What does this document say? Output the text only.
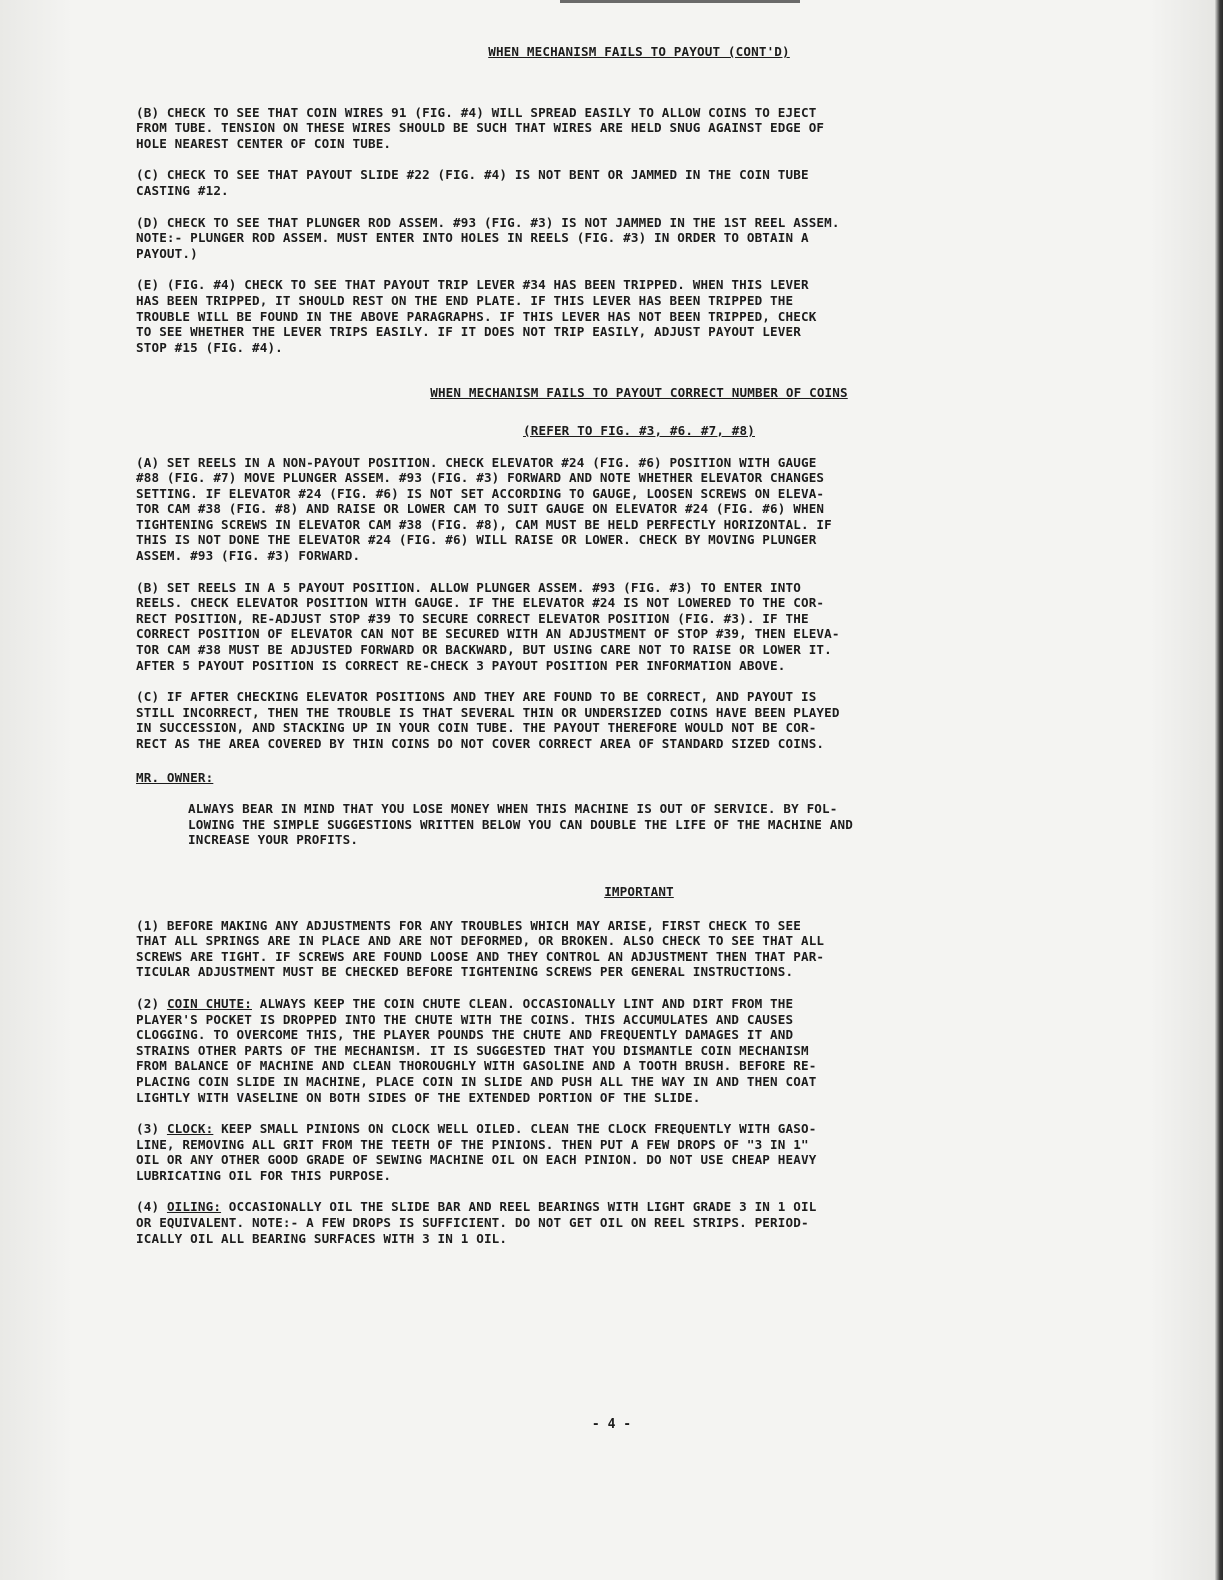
WHEN MECHANISM FAILS TO PAYOUT (CONT'D)

(B) CHECK TO SEE THAT COIN WIRES 91 (FIG. #4) WILL SPREAD EASILY TO ALLOW COINS TO EJECT
FROM TUBE. TENSION ON THESE WIRES SHOULD BE SUCH THAT WIRES ARE HELD SNUG AGAINST EDGE OF
HOLE NEAREST CENTER OF COIN TUBE.

(C) CHECK TO SEE THAT PAYOUT SLIDE #22 (FIG. #4) IS NOT BENT OR JAMMED IN THE COIN TUBE
CASTING #12.

(D) CHECK TO SEE THAT PLUNGER ROD ASSEM. #93 (FIG. #3) IS NOT JAMMED IN THE 1ST REEL ASSEM.
NOTE:- PLUNGER ROD ASSEM. MUST ENTER INTO HOLES IN REELS (FIG. #3) IN ORDER TO OBTAIN A
PAYOUT.)

(E) (FIG. #4) CHECK TO SEE THAT PAYOUT TRIP LEVER #34 HAS BEEN TRIPPED. WHEN THIS LEVER
HAS BEEN TRIPPED, IT SHOULD REST ON THE END PLATE. IF THIS LEVER HAS BEEN TRIPPED THE
TROUBLE WILL BE FOUND IN THE ABOVE PARAGRAPHS. IF THIS LEVER HAS NOT BEEN TRIPPED, CHECK
TO SEE WHETHER THE LEVER TRIPS EASILY. IF IT DOES NOT TRIP EASILY, ADJUST PAYOUT LEVER
STOP #15 (FIG. #4).

WHEN MECHANISM FAILS TO PAYOUT CORRECT NUMBER OF COINS

(REFER TO FIG. #3, #6. #7, #8)

(A) SET REELS IN A NON-PAYOUT POSITION. CHECK ELEVATOR #24 (FIG. #6) POSITION WITH GAUGE
#88 (FIG. #7) MOVE PLUNGER ASSEM. #93 (FIG. #3) FORWARD AND NOTE WHETHER ELEVATOR CHANGES
SETTING. IF ELEVATOR #24 (FIG. #6) IS NOT SET ACCORDING TO GAUGE, LOOSEN SCREWS ON ELEVA-
TOR CAM #38 (FIG. #8) AND RAISE OR LOWER CAM TO SUIT GAUGE ON ELEVATOR #24 (FIG. #6) WHEN
TIGHTENING SCREWS IN ELEVATOR CAM #38 (FIG. #8), CAM MUST BE HELD PERFECTLY HORIZONTAL. IF
THIS IS NOT DONE THE ELEVATOR #24 (FIG. #6) WILL RAISE OR LOWER. CHECK BY MOVING PLUNGER
ASSEM. #93 (FIG. #3) FORWARD.

(B) SET REELS IN A 5 PAYOUT POSITION. ALLOW PLUNGER ASSEM. #93 (FIG. #3) TO ENTER INTO
REELS. CHECK ELEVATOR POSITION WITH GAUGE. IF THE ELEVATOR #24 IS NOT LOWERED TO THE COR-
RECT POSITION, RE-ADJUST STOP #39 TO SECURE CORRECT ELEVATOR POSITION (FIG. #3). IF THE
CORRECT POSITION OF ELEVATOR CAN NOT BE SECURED WITH AN ADJUSTMENT OF STOP #39, THEN ELEVA-
TOR CAM #38 MUST BE ADJUSTED FORWARD OR BACKWARD, BUT USING CARE NOT TO RAISE OR LOWER IT.
AFTER 5 PAYOUT POSITION IS CORRECT RE-CHECK 3 PAYOUT POSITION PER INFORMATION ABOVE.

(C) IF AFTER CHECKING ELEVATOR POSITIONS AND THEY ARE FOUND TO BE CORRECT, AND PAYOUT IS
STILL INCORRECT, THEN THE TROUBLE IS THAT SEVERAL THIN OR UNDERSIZED COINS HAVE BEEN PLAYED
IN SUCCESSION, AND STACKING UP IN YOUR COIN TUBE. THE PAYOUT THEREFORE WOULD NOT BE COR-
RECT AS THE AREA COVERED BY THIN COINS DO NOT COVER CORRECT AREA OF STANDARD SIZED COINS.

MR. OWNER:

ALWAYS BEAR IN MIND THAT YOU LOSE MONEY WHEN THIS MACHINE IS OUT OF SERVICE. BY FOL-
LOWING THE SIMPLE SUGGESTIONS WRITTEN BELOW YOU CAN DOUBLE THE LIFE OF THE MACHINE AND
INCREASE YOUR PROFITS.

IMPORTANT

(1) BEFORE MAKING ANY ADJUSTMENTS FOR ANY TROUBLES WHICH MAY ARISE, FIRST CHECK TO SEE
THAT ALL SPRINGS ARE IN PLACE AND ARE NOT DEFORMED, OR BROKEN. ALSO CHECK TO SEE THAT ALL
SCREWS ARE TIGHT. IF SCREWS ARE FOUND LOOSE AND THEY CONTROL AN ADJUSTMENT THEN THAT PAR-
TICULAR ADJUSTMENT MUST BE CHECKED BEFORE TIGHTENING SCREWS PER GENERAL INSTRUCTIONS.

(2) COIN CHUTE: ALWAYS KEEP THE COIN CHUTE CLEAN. OCCASIONALLY LINT AND DIRT FROM THE
PLAYER'S POCKET IS DROPPED INTO THE CHUTE WITH THE COINS. THIS ACCUMULATES AND CAUSES
CLOGGING. TO OVERCOME THIS, THE PLAYER POUNDS THE CHUTE AND FREQUENTLY DAMAGES IT AND
STRAINS OTHER PARTS OF THE MECHANISM. IT IS SUGGESTED THAT YOU DISMANTLE COIN MECHANISM
FROM BALANCE OF MACHINE AND CLEAN THOROUGHLY WITH GASOLINE AND A TOOTH BRUSH. BEFORE RE-
PLACING COIN SLIDE IN MACHINE, PLACE COIN IN SLIDE AND PUSH ALL THE WAY IN AND THEN COAT
LIGHTLY WITH VASELINE ON BOTH SIDES OF THE EXTENDED PORTION OF THE SLIDE.

(3) CLOCK: KEEP SMALL PINIONS ON CLOCK WELL OILED. CLEAN THE CLOCK FREQUENTLY WITH GASO-
LINE, REMOVING ALL GRIT FROM THE TEETH OF THE PINIONS. THEN PUT A FEW DROPS OF "3 IN 1"
OIL OR ANY OTHER GOOD GRADE OF SEWING MACHINE OIL ON EACH PINION. DO NOT USE CHEAP HEAVY
LUBRICATING OIL FOR THIS PURPOSE.

(4) OILING: OCCASIONALLY OIL THE SLIDE BAR AND REEL BEARINGS WITH LIGHT GRADE 3 IN 1 OIL
OR EQUIVALENT. NOTE:- A FEW DROPS IS SUFFICIENT. DO NOT GET OIL ON REEL STRIPS. PERIOD-
ICALLY OIL ALL BEARING SURFACES WITH 3 IN 1 OIL.

- 4 -
